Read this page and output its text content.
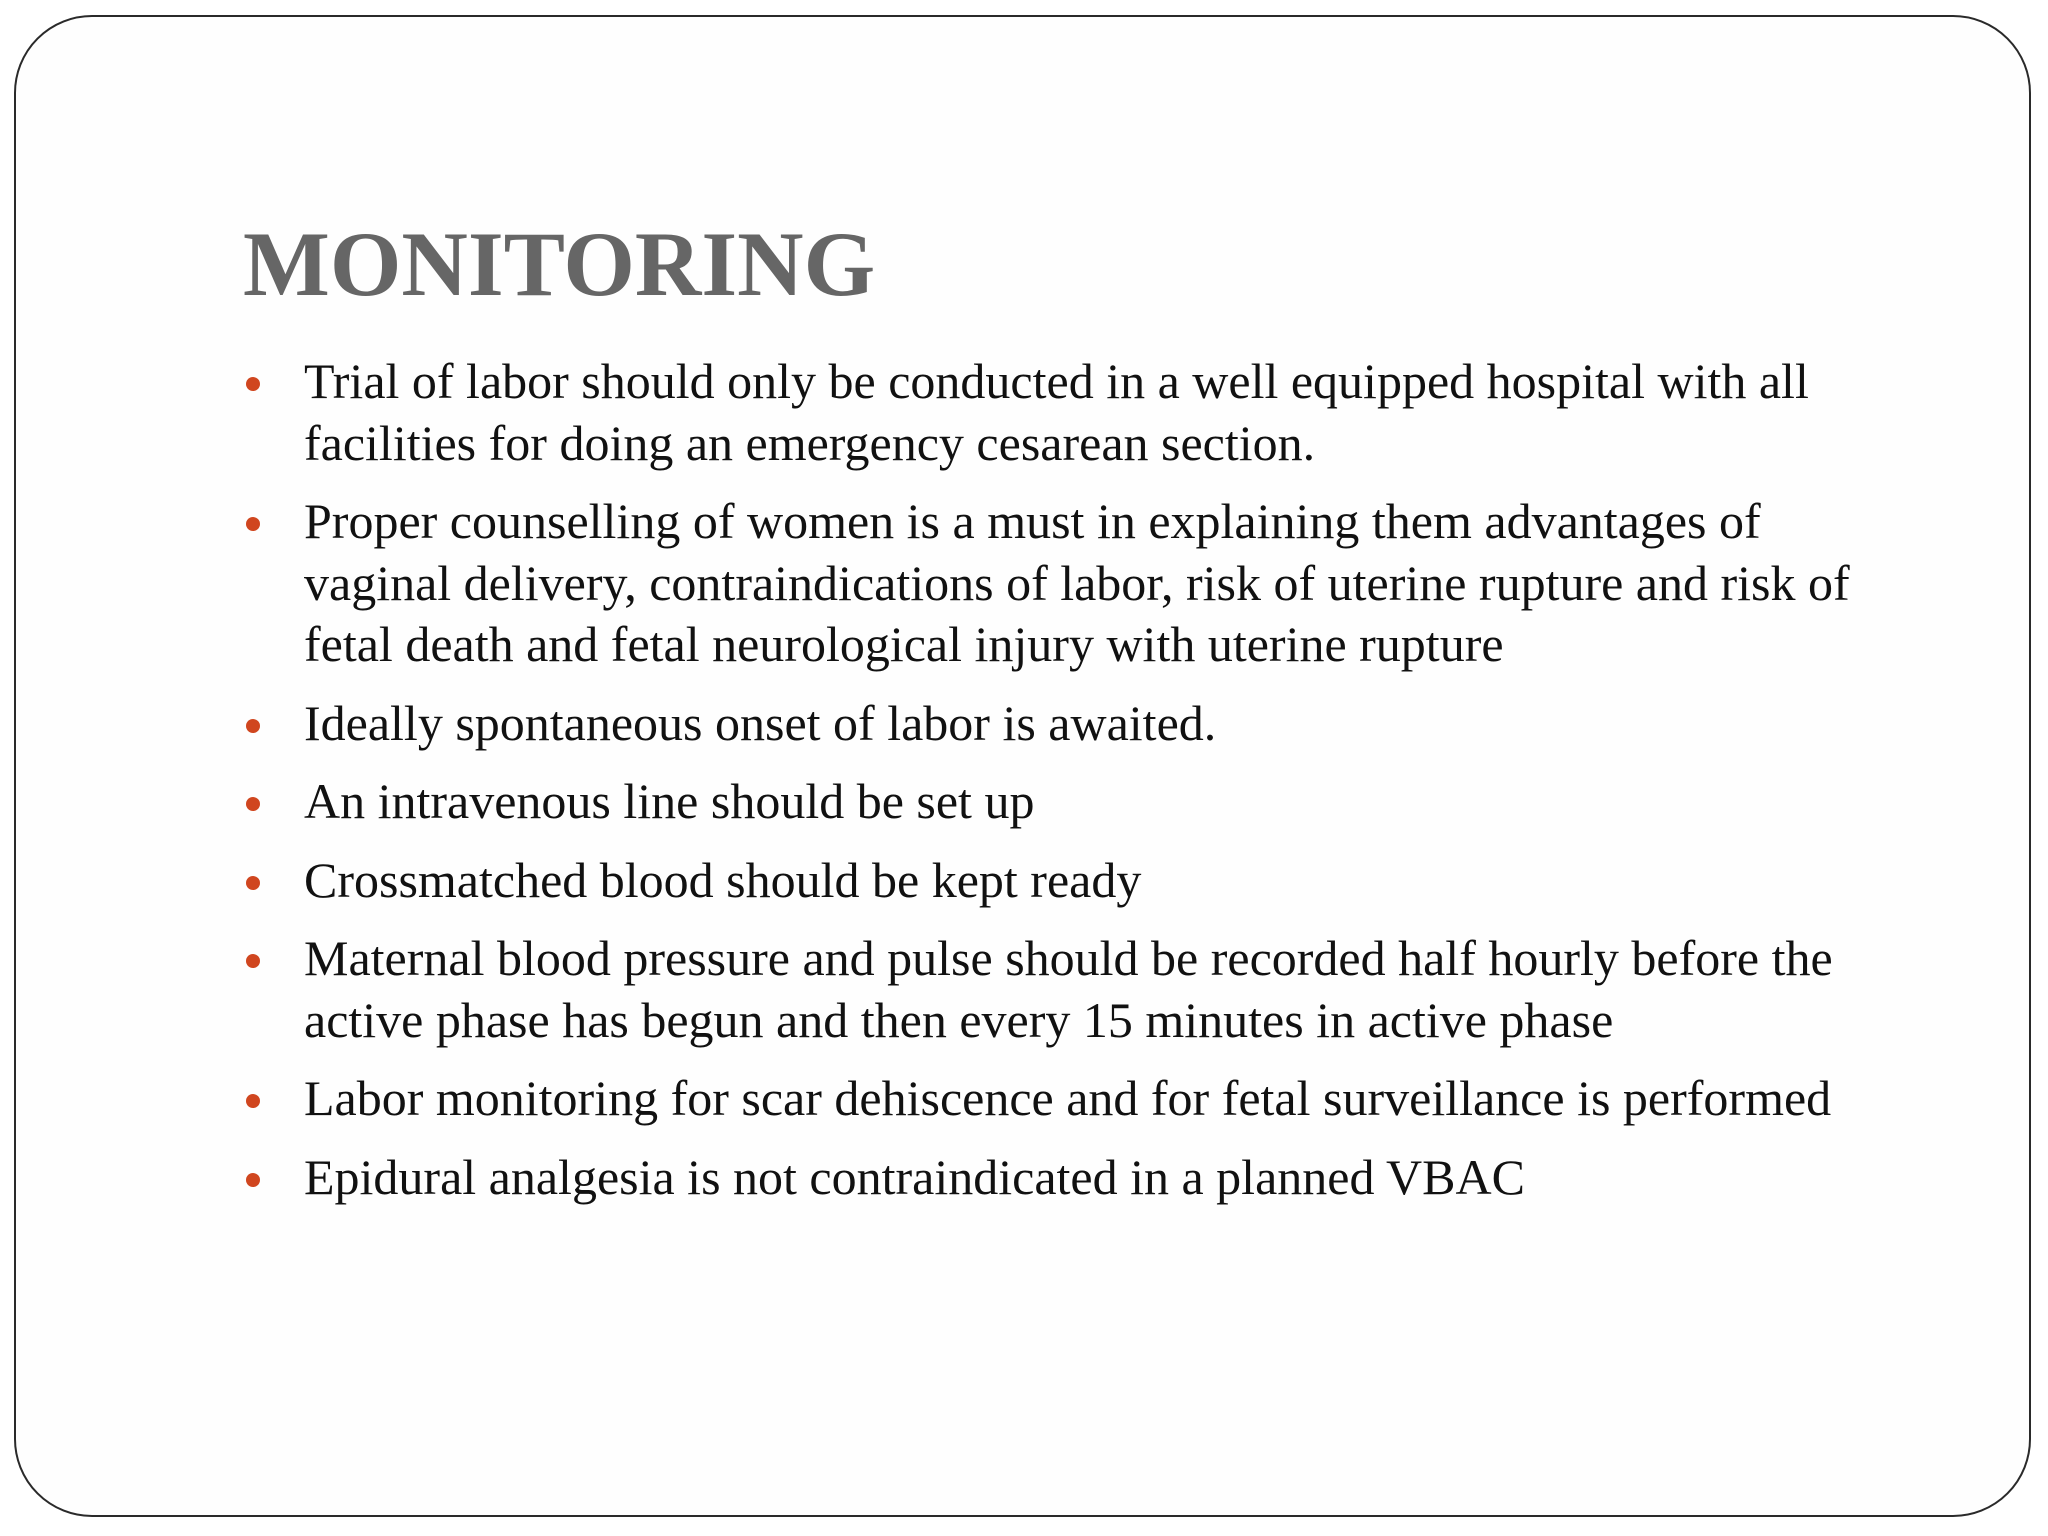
MONITORING
Trial of labor should only be conducted in a well equipped hospital with all facilities for doing an emergency cesarean section.
Proper counselling of women is a must in explaining them advantages of vaginal delivery, contraindications of labor, risk of uterine rupture and risk of fetal death and fetal neurological injury with uterine rupture
Ideally spontaneous onset of labor is awaited.
An intravenous line should be set up
Crossmatched blood should be kept ready
Maternal blood pressure and pulse should be recorded half hourly before the active phase has begun and then every 15 minutes in active phase
Labor monitoring for scar dehiscence and for fetal surveillance is performed
Epidural analgesia is not contraindicated in a planned VBAC
